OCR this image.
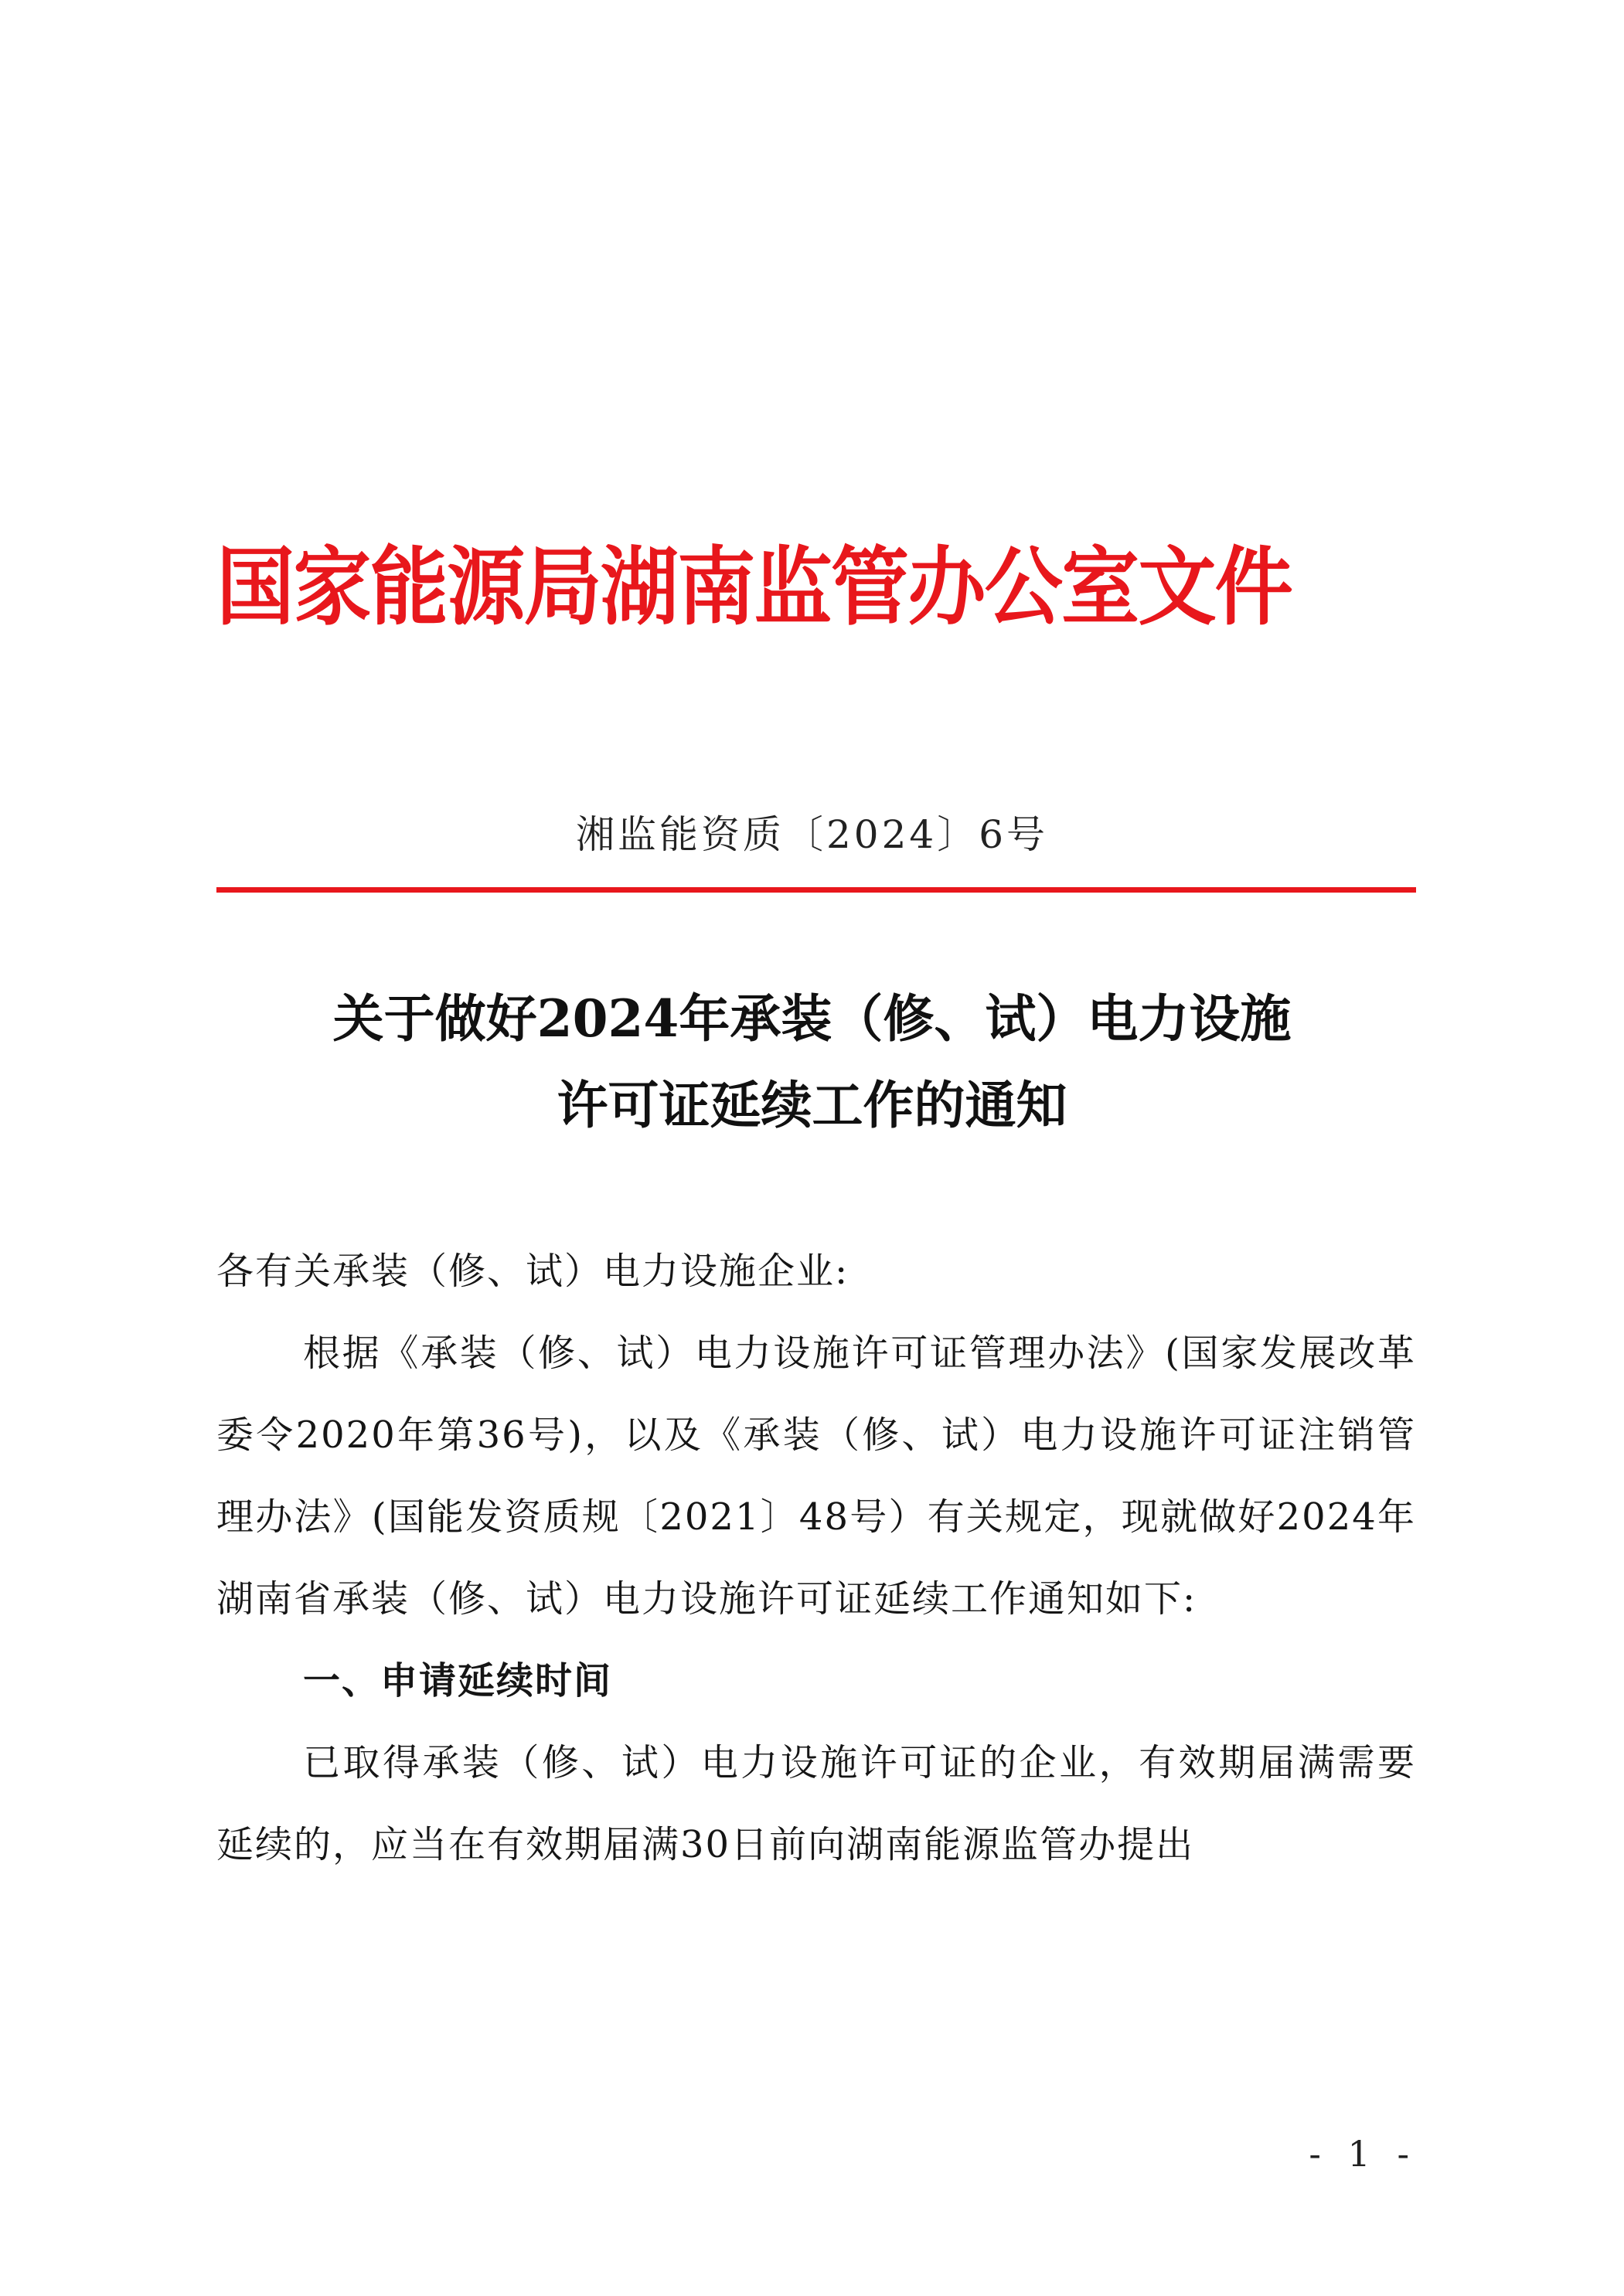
国家能源局湖南监管办公室文件
湘监能资质〔2024〕6号
关于做好2024年承装（修、试）电力设施
许可证延续工作的通知

各有关承装（修、试）电力设施企业:

根据《承装（修、试）电力设施许可证管理办法》(国家发展改革委令2020年第36号)，以及《承装（修、试）电力设施许可证注销管理办法》(国能发资质规〔2021〕48号）有关规定，现就做好2024年湖南省承装（修、试）电力设施许可证延续工作通知如下:

一、申请延续时间

已取得承装（修、试）电力设施许可证的企业，有效期届满需要延续的，应当在有效期届满30日前向湖南能源监管办提出

- 1 -
